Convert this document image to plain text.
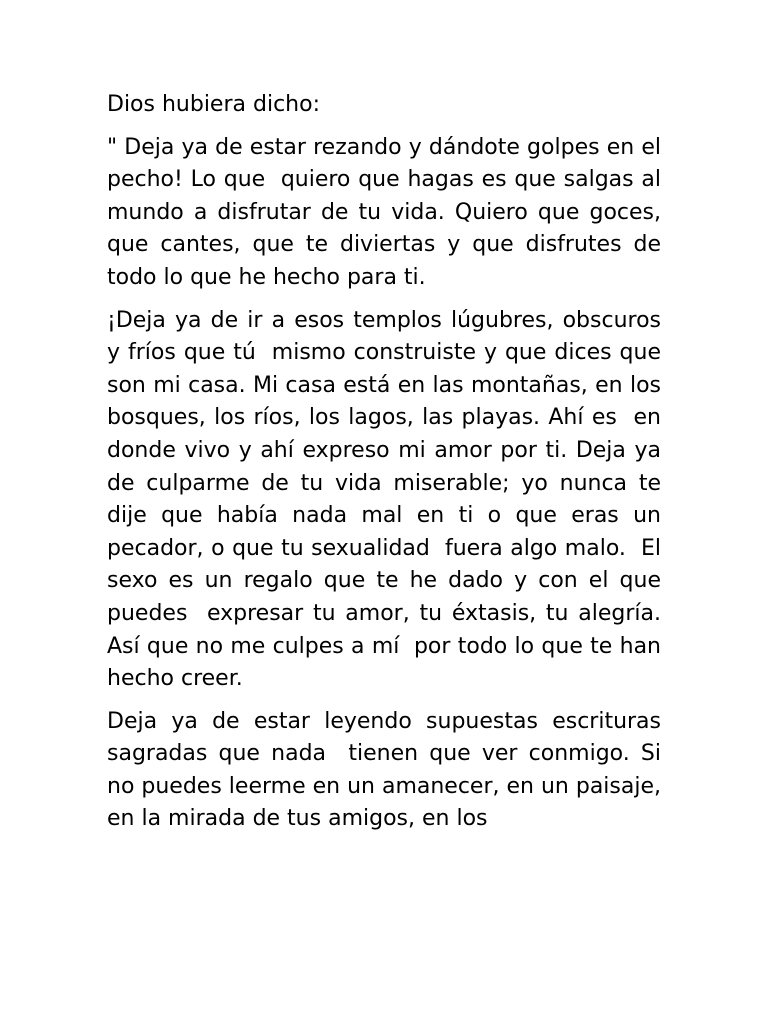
Dios hubiera dicho:

" Deja ya de estar rezando y dándote golpes en el pecho! Lo que  quiero que hagas es que salgas al mundo a disfrutar de tu vida. Quiero que goces, que cantes, que te diviertas y que disfrutes de todo lo que he hecho para ti.

¡Deja ya de ir a esos templos lúgubres, obscuros y fríos que tú  mismo construiste y que dices que son mi casa. Mi casa está en las montañas, en los bosques, los ríos, los lagos, las playas. Ahí es  en donde vivo y ahí expreso mi amor por ti. Deja ya de culparme de tu vida miserable; yo nunca te dije que había nada mal en ti o que eras un pecador, o que tu sexualidad  fuera algo malo.  El sexo es un regalo que te he dado y con el que puedes  expresar tu amor, tu éxtasis, tu alegría. Así que no me culpes a mí  por todo lo que te han hecho creer.

Deja ya de estar leyendo supuestas escrituras sagradas que nada  tienen que ver conmigo. Si no puedes leerme en un amanecer, en un paisaje, en la mirada de tus amigos, en los
